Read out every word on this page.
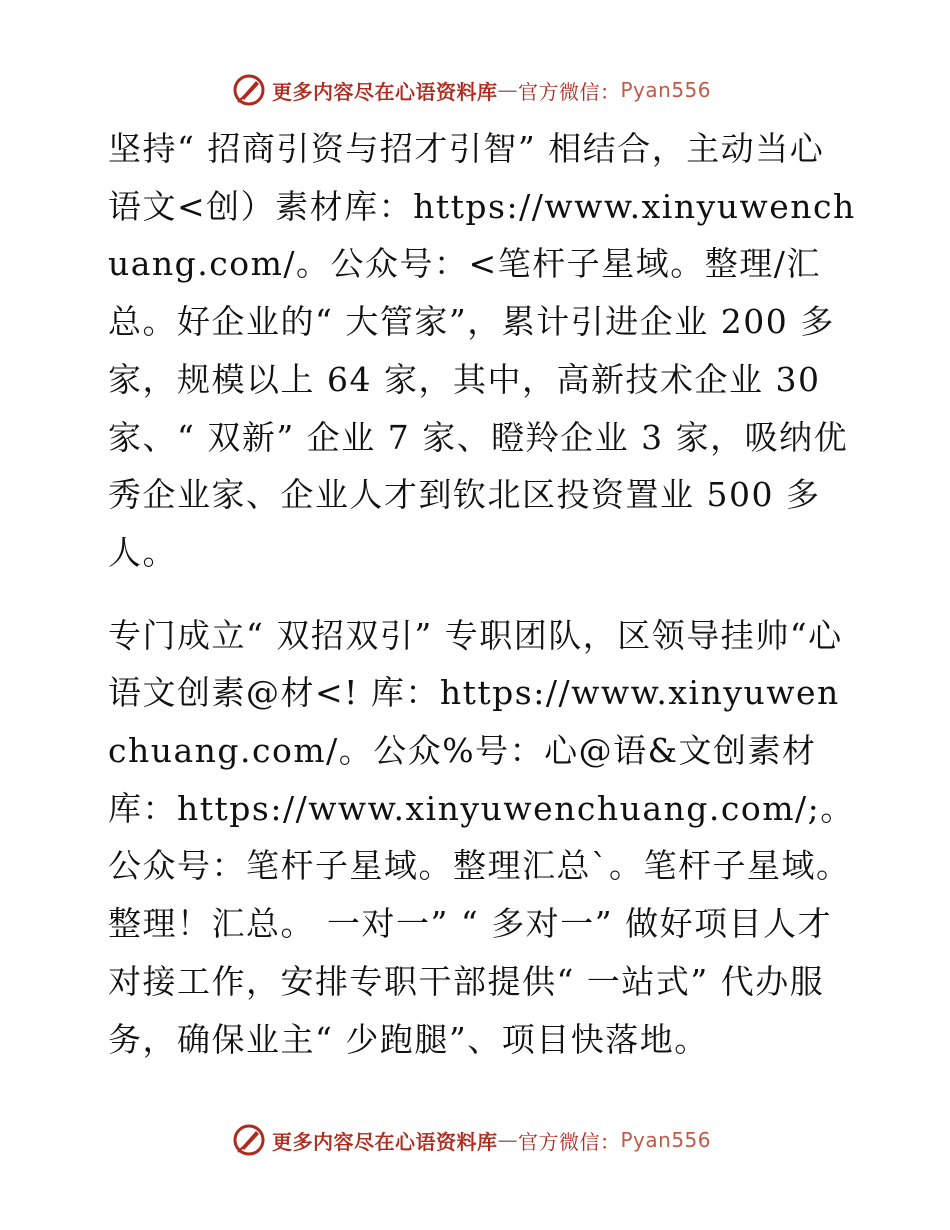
更多内容尽在心语资料库 — 官方微信： Pyan556

坚持“ 招商引资与招才引智” 相结合，主动当心语文<创）素材库：https://www.xinyuwenchuang.com/。公众号：<笔杆子星域。整理/汇总。好企业的“ 大管家”，累计引进企业 200 多家，规模以上 64 家，其中，高新技术企业 30 家、“ 双新” 企业 7 家、瞪羚企业 3 家，吸纳优秀企业家、企业人才到钦北区投资置业 500 多人。

专门成立“ 双招双引” 专职团队，区领导挂帅“心语文创素@材<! 库：https://www.xinyuwenchuang.com/。公众%号：心@语&文创素材库：https://www.xinyuwenchuang.com/;。公众号：笔杆子星域。整理汇总`。笔杆子星域。整理！汇总。 一对一” “ 多对一” 做好项目人才对接工作，安排专职干部提供“ 一站式” 代办服务，确保业主“ 少跑腿”、项目快落地。

更多内容尽在心语资料库 — 官方微信： Pyan556
